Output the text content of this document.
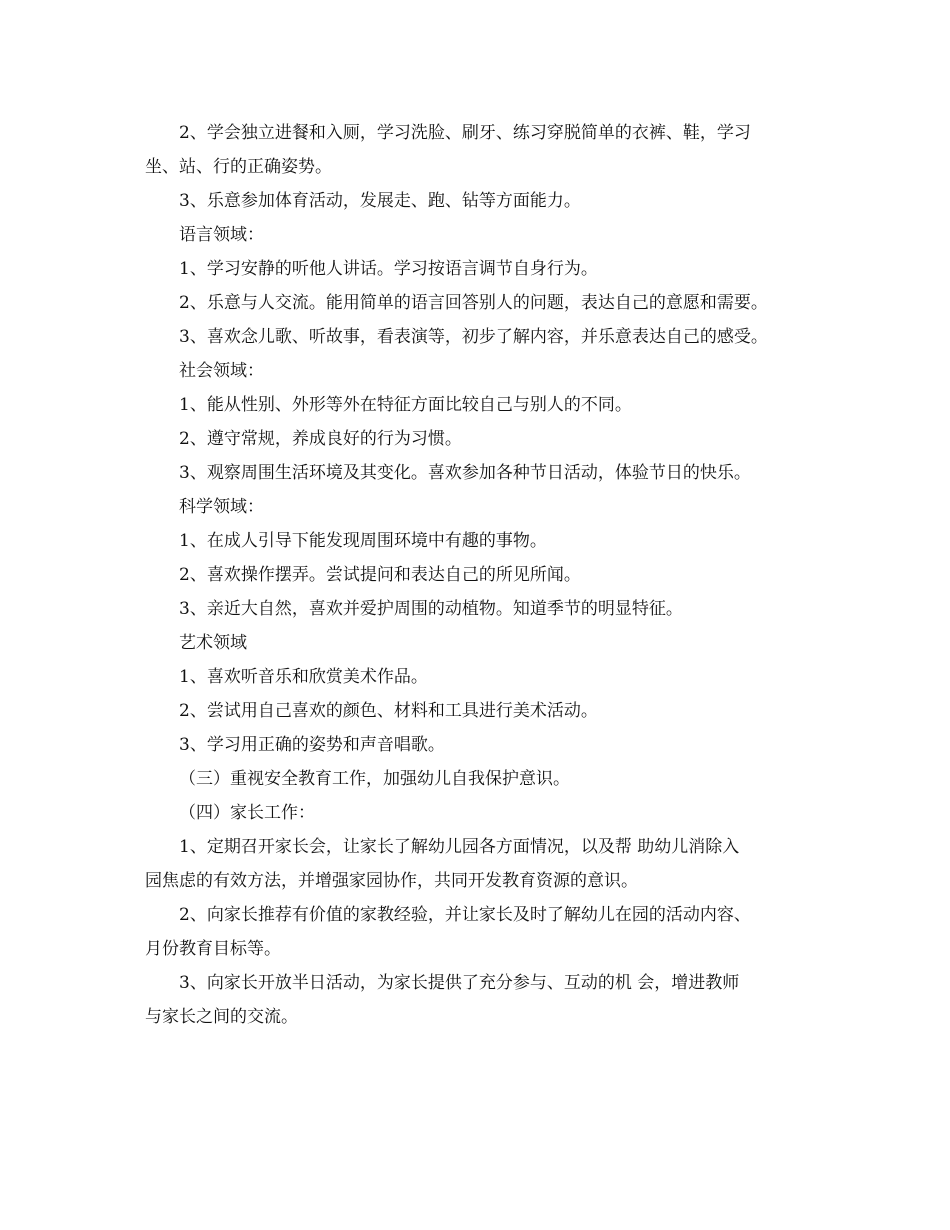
2、学会独立进餐和入厕，学习洗脸、刷牙、练习穿脱简单的衣裤、鞋，学习
坐、站、行的正确姿势。
3、乐意参加体育活动，发展走、跑、钻等方面能力。
语言领域：
1、学习安静的听他人讲话。学习按语言调节自身行为。
2、乐意与人交流。能用简单的语言回答别人的问题，表达自己的意愿和需要。
3、喜欢念儿歌、听故事，看表演等，初步了解内容，并乐意表达自己的感受。
社会领域：
1、能从性别、外形等外在特征方面比较自己与别人的不同。
2、遵守常规，养成良好的行为习惯。
3、观察周围生活环境及其变化。喜欢参加各种节日活动，体验节日的快乐。
科学领域：
1、在成人引导下能发现周围环境中有趣的事物。
2、喜欢操作摆弄。尝试提问和表达自己的所见所闻。
3、亲近大自然，喜欢并爱护周围的动植物。知道季节的明显特征。
艺术领域
1、喜欢听音乐和欣赏美术作品。
2、尝试用自己喜欢的颜色、材料和工具进行美术活动。
3、学习用正确的姿势和声音唱歌。
（三）重视安全教育工作，加强幼儿自我保护意识。
（四）家长工作：
1、定期召开家长会，让家长了解幼儿园各方面情况，以及帮 助幼儿消除入
园焦虑的有效方法，并增强家园协作，共同开发教育资源的意识。
2、向家长推荐有价值的家教经验，并让家长及时了解幼儿在园的活动内容、
月份教育目标等。
3、向家长开放半日活动，为家长提供了充分参与、互动的机 会，增进教师
与家长之间的交流。
